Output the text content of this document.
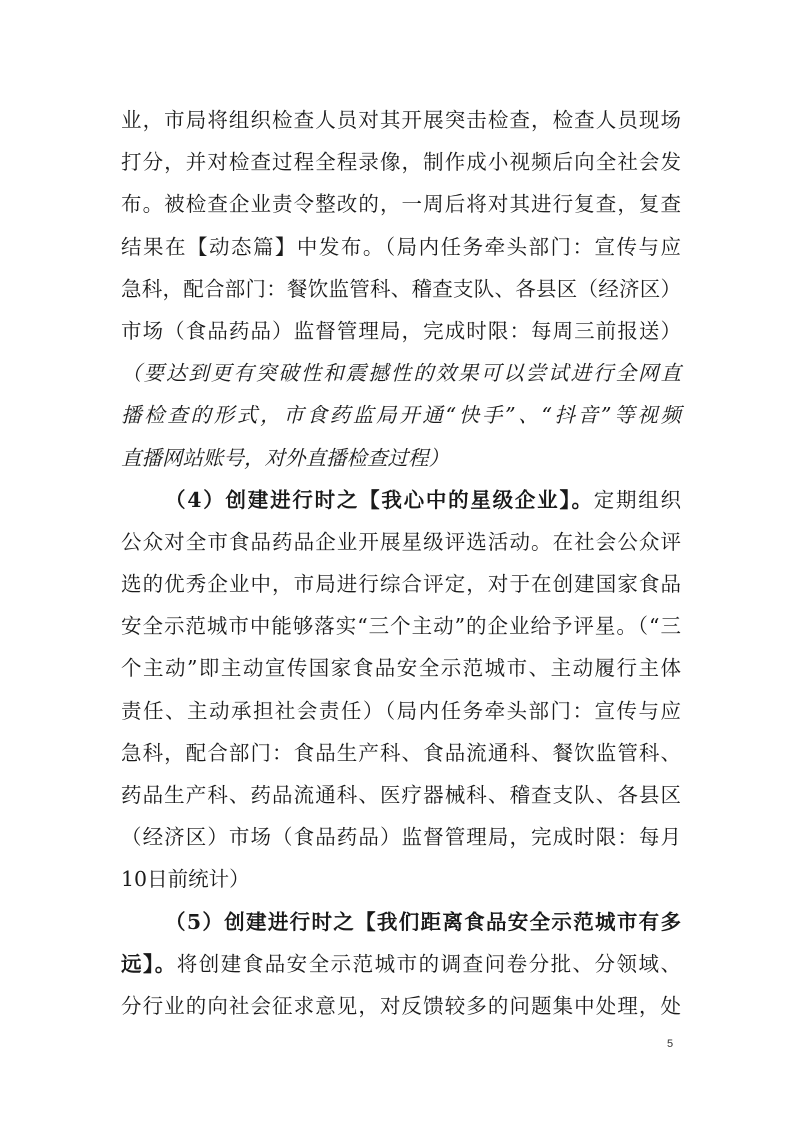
业，市局将组织检查人员对其开展突击检查，检查人员现场
打分，并对检查过程全程录像，制作成小视频后向全社会发
布。被检查企业责令整改的，一周后将对其进行复查，复查
结果在【动态篇】中发布。（局内任务牵头部门：宣传与应
急科，配合部门：餐饮监管科、稽查支队、各县区（经济区）
市场（食品药品）监督管理局，完成时限：每周三前报送）
（要达到更有突破性和震撼性的效果可以尝试进行全网直
播检查的形式，市食药监局开通“快手”、“抖音”等视频
直播网站账号，对外直播检查过程）
（4）创建进行时之【我心中的星级企业】。定期组织
公众对全市食品药品企业开展星级评选活动。在社会公众评
选的优秀企业中，市局进行综合评定，对于在创建国家食品
安全示范城市中能够落实“三个主动”的企业给予评星。（“三
个主动”即主动宣传国家食品安全示范城市、主动履行主体
责任、主动承担社会责任）（局内任务牵头部门：宣传与应
急科，配合部门：食品生产科、食品流通科、餐饮监管科、
药品生产科、药品流通科、医疗器械科、稽查支队、各县区
（经济区）市场（食品药品）监督管理局，完成时限：每月
10日前统计）
（5）创建进行时之【我们距离食品安全示范城市有多
远】。将创建食品安全示范城市的调查问卷分批、分领域、
分行业的向社会征求意见，对反馈较多的问题集中处理，处
5
